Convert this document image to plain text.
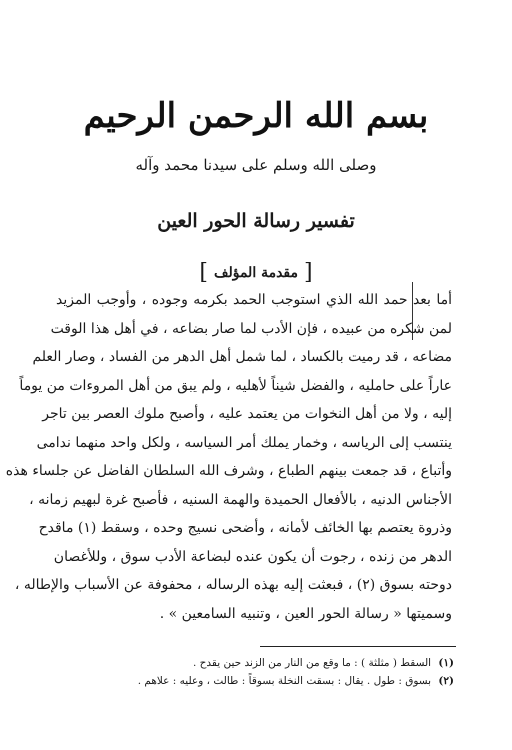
بسم الله الرحمن الرحيم
وصلى الله وسلم على سيدنا محمد وآله
تفسير رسالة الحور العين
[مقدمة المؤلف]
أما بعد حمد الله الذي استوجب الحمد بكرمه وجوده ، وأوجب المزيد
لمن شكره من عبيده ، فإن الأدب لما صار بضاعه ، في أهل هذا الوقت
مضاعه ، قد رميت بالكساد ، لما شمل أهل الدهر من الفساد ، وصار العلم
عاراً على حامليه ، والفضل شيناً لأهليه ، ولم يبق من أهل المروءات من يوماً
إليه ، ولا من أهل النخوات من يعتمد عليه ، وأصبح ملوك العصر بين تاجر
ينتسب إلى الرياسه ، وخمار يملك أمر السياسه ، ولكل واحد منهما ندامى
وأتباع ، قد جمعت بينهم الطباع ، وشرف الله السلطان الفاضل عن جلساء هذه
الأجناس الدنيه ، بالأفعال الحميدة والهمة السنيه ، فأصبح غرة لبهيم زمانه ،
وذروة يعتصم بها الخائف لأمانه ، وأضحى نسيج وحده ، وسقط (١) ماقدح
الدهر من زنده ، رجوت أن يكون عنده لبضاعة الأدب سوق ، وللأغصان
دوحته بسوق (٢) ، فبعثت إليه بهذه الرساله ، محفوفة عن الأسباب والإطاله ،
وسميتها « رسالة الحور العين ، وتنبيه السامعين » .
(١) السقط ( مثلثة ) : ما وقع من النار من الزند حين يقدح .
(٢) بسوق : طول . يقال : بسقت النخلة بسوقاً : طالت ، وعليه : علاهم .
